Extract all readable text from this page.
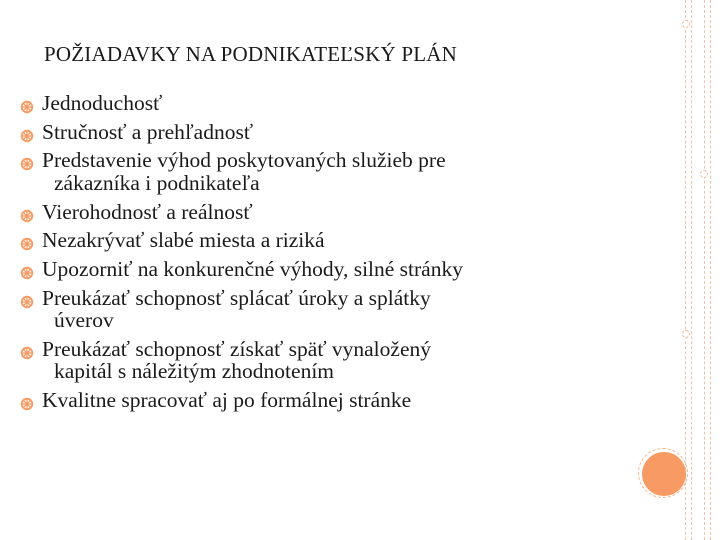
POŽIADAVKY NA PODNIKATEĽSKÝ PLÁN
Jednoduchosť
Stručnosť a prehľadnosť
Predstavenie výhod poskytovaných služieb pre
zákazníka i podnikateľa
Vierohodnosť a reálnosť
Nezakrývať slabé miesta a riziká
Upozorniť na konkurenčné výhody, silné stránky
Preukázať schopnosť splácať úroky a splátky
úverov
Preukázať schopnosť získať späť vynaložený
kapitál s náležitým zhodnotením
Kvalitne spracovať aj po formálnej stránke
